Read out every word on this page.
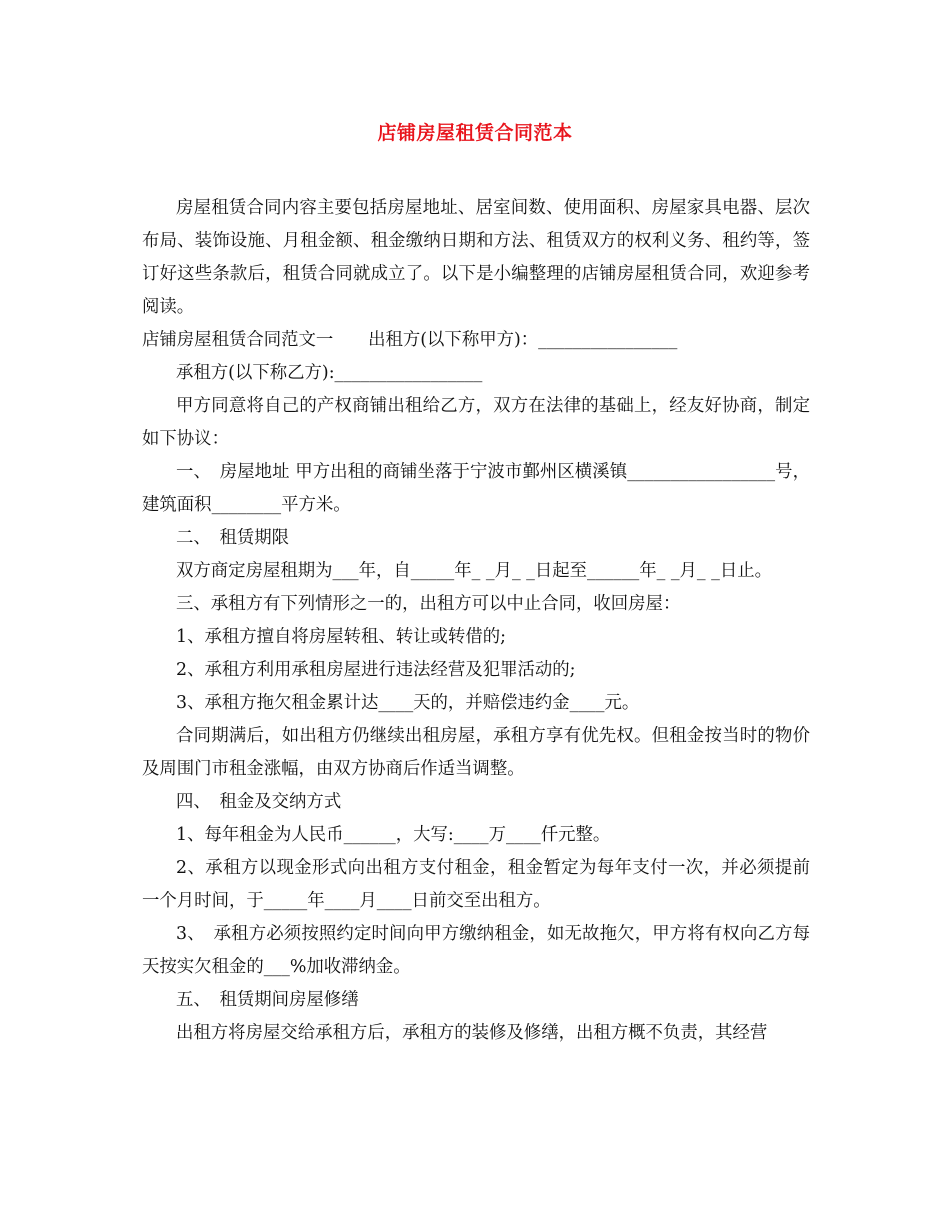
店铺房屋租赁合同范本

房屋租赁合同内容主要包括房屋地址、居室间数、使用面积、房屋家具电器、层次布局、装饰设施、月租金额、租金缴纳日期和方法、租赁双方的权利义务、租约等，签订好这些条款后，租赁合同就成立了。以下是小编整理的店铺房屋租赁合同，欢迎参考阅读。

店铺房屋租赁合同范文一　　出租方(以下称甲方)：________________

承租方(以下称乙方):_________________

甲方同意将自己的产权商铺出租给乙方，双方在法律的基础上，经友好协商，制定如下协议：

一、　房屋地址 甲方出租的商铺坐落于宁波市鄞州区横溪镇_________________号，建筑面积________平方米。

二、　租赁期限

双方商定房屋租期为___年，自_____年_ _月_ _日起至______年_ _月_ _日止。

三、承租方有下列情形之一的，出租方可以中止合同，收回房屋：

1、承租方擅自将房屋转租、转让或转借的;

2、承租方利用承租房屋进行违法经营及犯罪活动的;

3、承租方拖欠租金累计达____天的，并赔偿违约金____元。

合同期满后，如出租方仍继续出租房屋，承租方享有优先权。但租金按当时的物价及周围门市租金涨幅，由双方协商后作适当调整。

四、　租金及交纳方式

1、每年租金为人民币______，大写:____万____仟元整。

2、承租方以现金形式向出租方支付租金，租金暂定为每年支付一次，并必须提前一个月时间，于_____年____月____日前交至出租方。

3、　承租方必须按照约定时间向甲方缴纳租金，如无故拖欠，甲方将有权向乙方每天按实欠租金的___%加收滞纳金。

五、　租赁期间房屋修缮

出租方将房屋交给承租方后，承租方的装修及修缮，出租方概不负责，其经营
